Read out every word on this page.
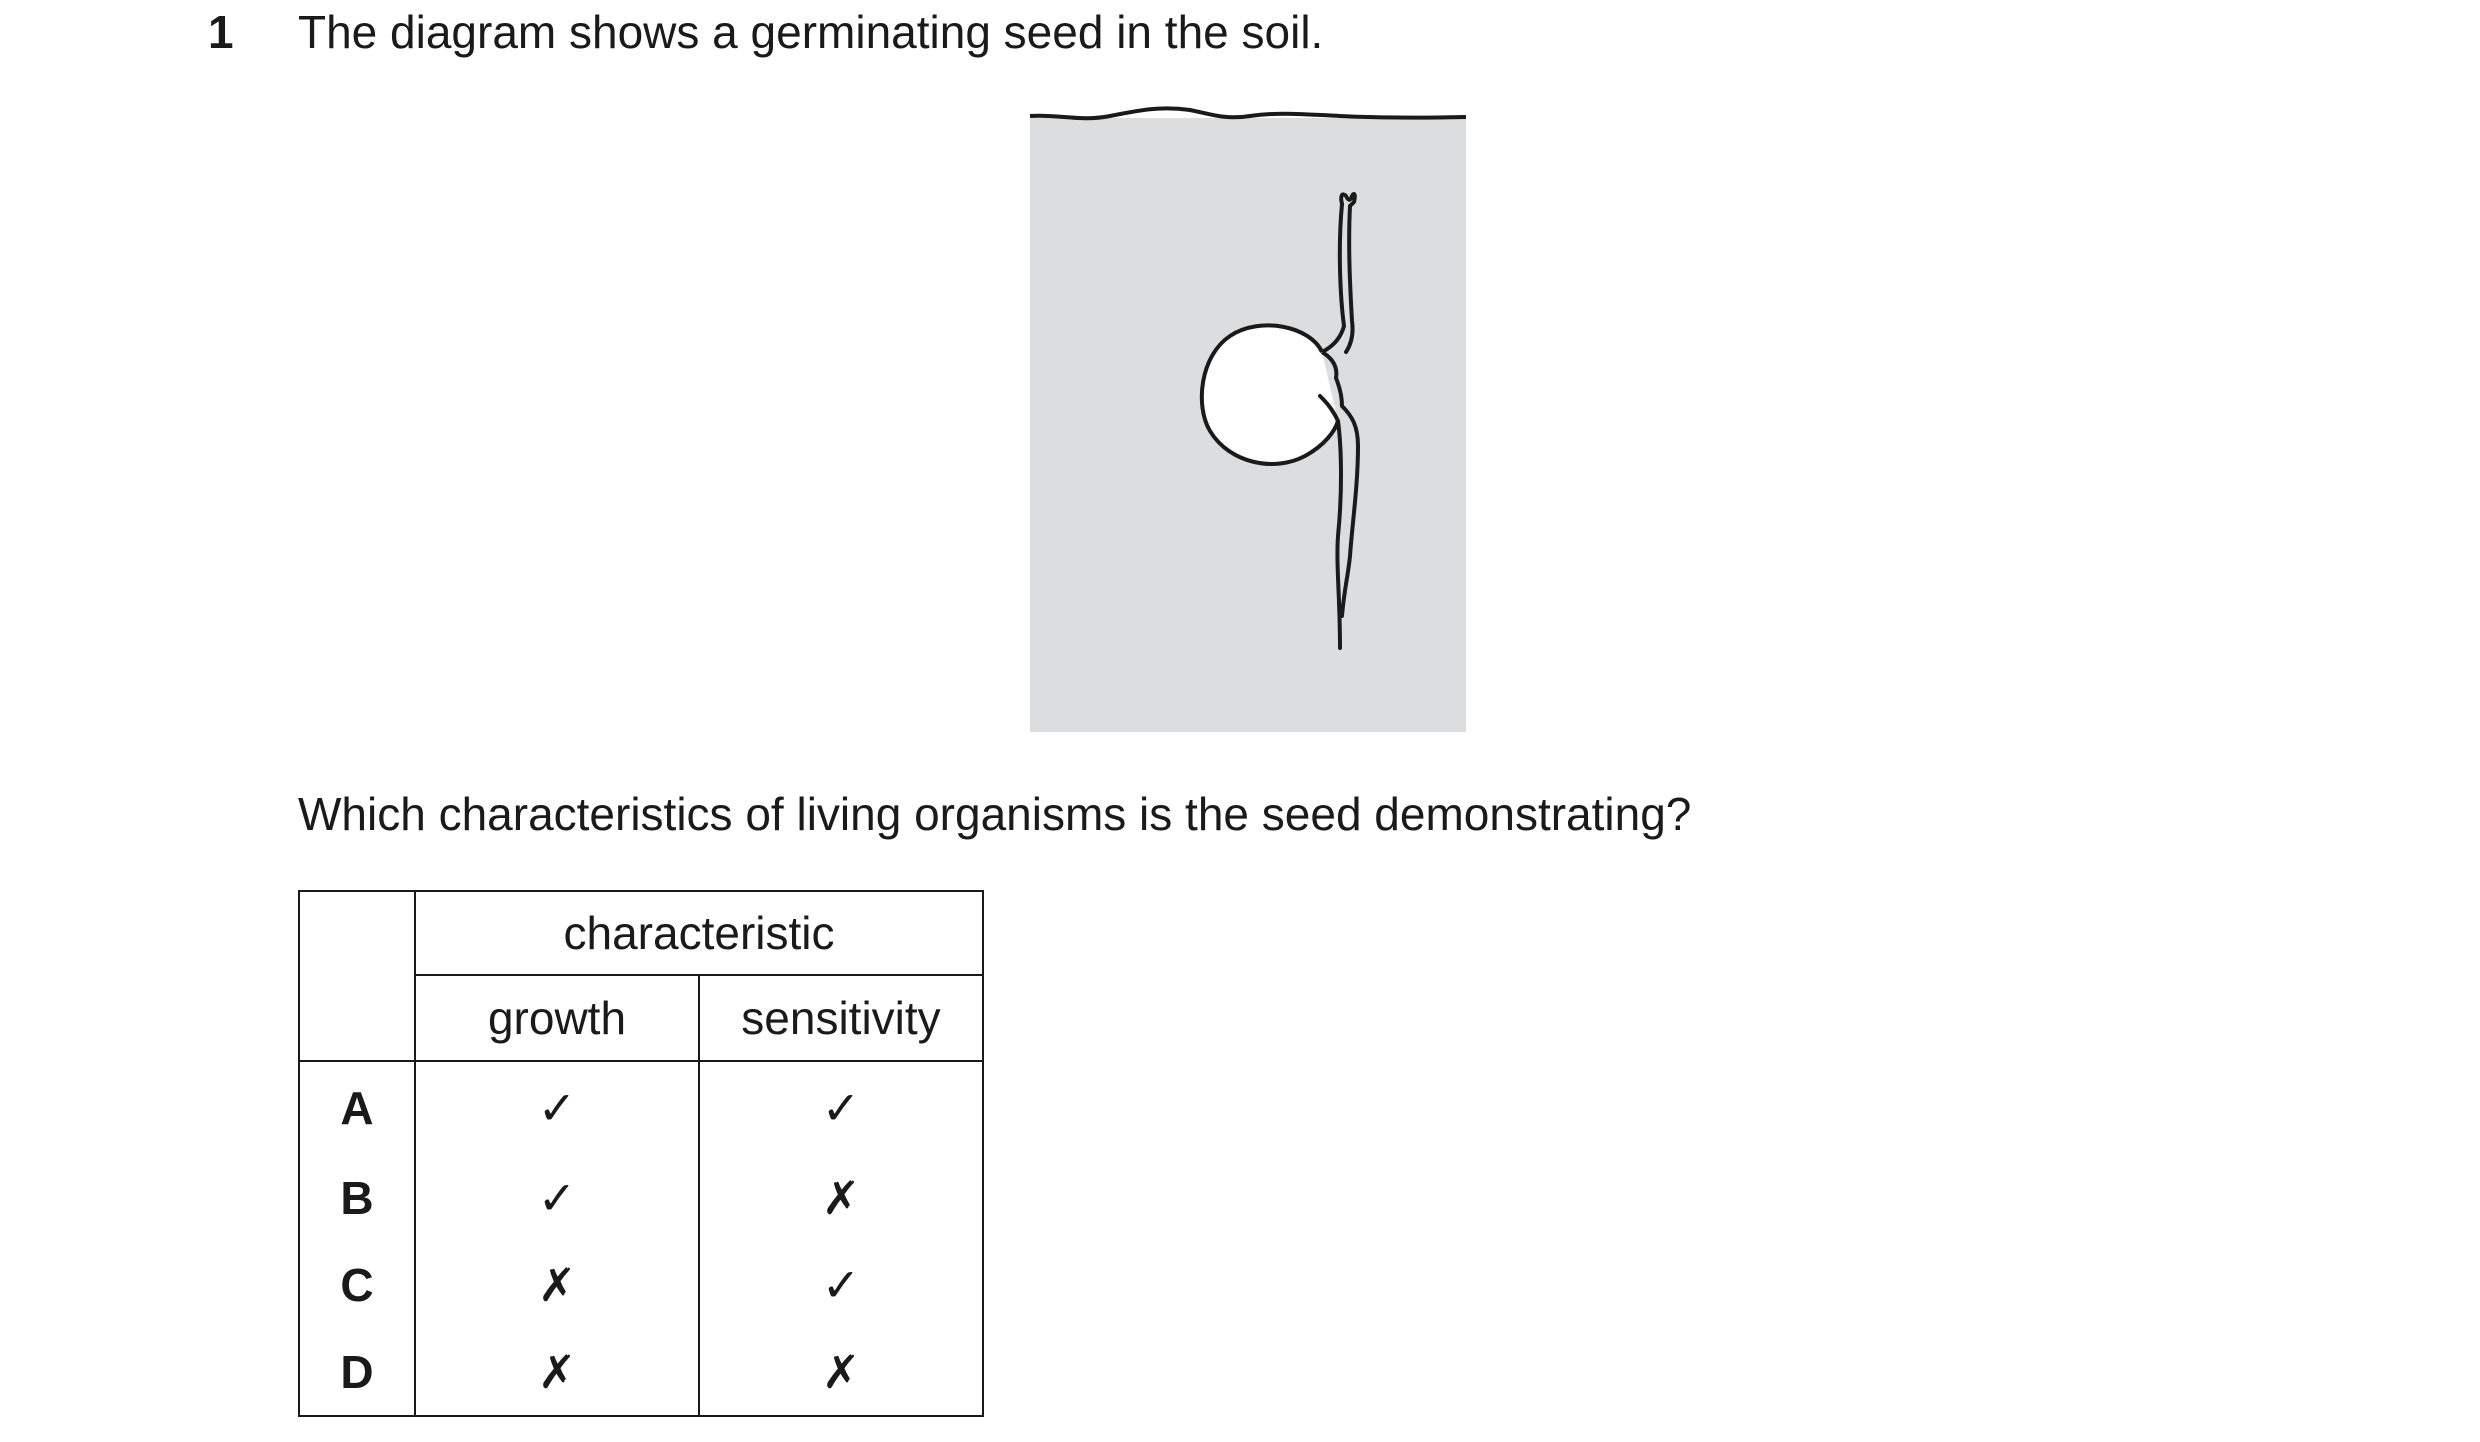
1 The diagram shows a germinating seed in the soil.
Which characteristics of living organisms is the seed demonstrating?
	characteristic	
	growth	sensitivity
A	✓	✓
B	✓	✗
C	✗	✓
D	✗	✗
